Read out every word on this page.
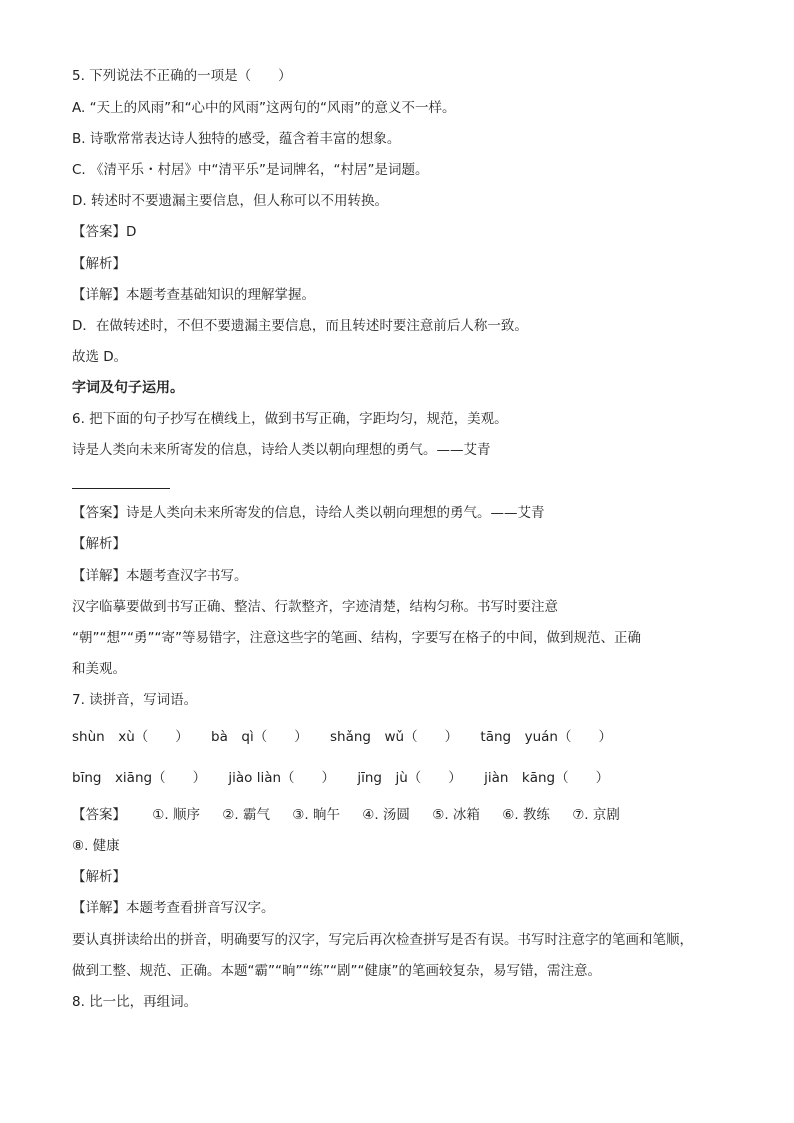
5. 下列说法不正确的一项是（　　）
A. “天上的风雨”和“心中的风雨”这两句的“风雨”的意义不一样。
B. 诗歌常常表达诗人独特的感受，蕴含着丰富的想象。
C. 《清平乐・村居》中“清平乐”是词牌名，“村居”是词题。
D. 转述时不要遗漏主要信息，但人称可以不用转换。
【答案】D
【解析】
【详解】本题考查基础知识的理解掌握。
D．在做转述时，不但不要遗漏主要信息，而且转述时要注意前后人称一致。
故选 D。
字词及句子运用。
6. 把下面的句子抄写在横线上，做到书写正确，字距均匀，规范，美观。
诗是人类向未来所寄发的信息，诗给人类以朝向理想的勇气。——艾青
【答案】诗是人类向未来所寄发的信息，诗给人类以朝向理想的勇气。——艾青
【解析】
【详解】本题考查汉字书写。
汉字临摹要做到书写正确、整洁、行款整齐，字迹清楚，结构匀称。书写时要注意
“朝”“想”“勇”“寄”等易错字，注意这些字的笔画、结构，字要写在格子的中间，做到规范、正确
和美观。
7. 读拼音，写词语。
shùn　xù（　　） bà　qì（　　） shǎng　wǔ（　　） tāng　yuán（　　）
bīng　xiāng（　　） jiào liàn（　　） jīng　jù（　　） jiàn　kāng（　　）
【答案】 ①. 顺序 ②. 霸气 ③. 晌午 ④. 汤圆 ⑤. 冰箱 ⑥. 教练 ⑦. 京剧
⑧. 健康
【解析】
【详解】本题考查看拼音写汉字。
要认真拼读给出的拼音，明确要写的汉字，写完后再次检查拼写是否有误。书写时注意字的笔画和笔顺，
做到工整、规范、正确。本题“霸”“晌”“练”“剧”“健康”的笔画较复杂，易写错，需注意。
8. 比一比，再组词。
